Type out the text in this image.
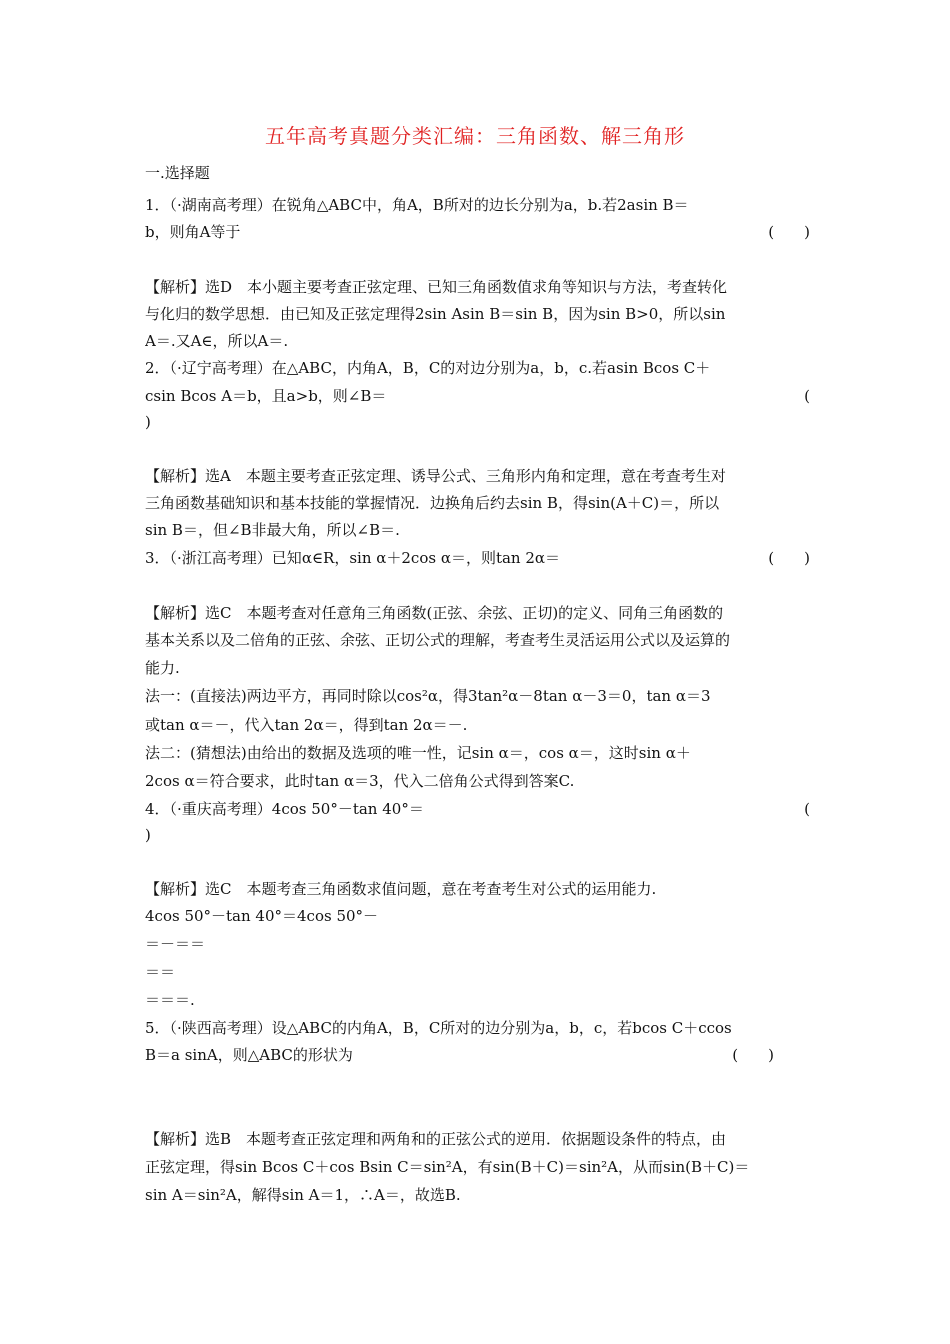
五年高考真题分类汇编：三角函数、解三角形
一.选择题
1．（·湖南高考理）在锐角△ABC中，角A，B所对的边长分别为a，b.若2asin B＝
b，则角A等于	(　　)
【解析】选D　本小题主要考查正弦定理、已知三角函数值求角等知识与方法，考查转化
与化归的数学思想．由已知及正弦定理得2sin Asin B＝sin B，因为sin B>0，所以sin
A＝.又A∈，所以A＝.
2．（·辽宁高考理）在△ABC，内角A，B，C的对边分别为a，b，c.若asin Bcos C＋
csin Bcos A＝b，且a>b，则∠B＝	(
)
【解析】选A　本题主要考查正弦定理、诱导公式、三角形内角和定理，意在考查考生对
三角函数基础知识和基本技能的掌握情况．边换角后约去sin B，得sin(A＋C)＝，所以
sin B＝，但∠B非最大角，所以∠B＝.
3．（·浙江高考理）已知α∈R，sin α＋2cos α＝，则tan 2α＝	(　　)
【解析】选C　本题考查对任意角三角函数(正弦、余弦、正切)的定义、同角三角函数的
基本关系以及二倍角的正弦、余弦、正切公式的理解，考查考生灵活运用公式以及运算的
能力.
法一：(直接法)两边平方，再同时除以cos²α，得3tan²α－8tan α－3＝0，tan α＝3
或tan α＝－，代入tan 2α＝，得到tan 2α＝－.
法二：(猜想法)由给出的数据及选项的唯一性，记sin α＝，cos α＝，这时sin α＋
2cos α＝符合要求，此时tan α＝3，代入二倍角公式得到答案C.
4．（·重庆高考理）4cos 50°－tan 40°＝	(
)
【解析】选C　本题考查三角函数求值问题，意在考查考生对公式的运用能力.
4cos 50°－tan 40°＝4cos 50°－
＝－＝＝
＝＝
＝＝＝.
5．（·陕西高考理）设△ABC的内角A，B，C所对的边分别为a，b，c，若bcos C＋ccos
B＝a sinA，则△ABC的形状为	(　　)
【解析】选B　本题考查正弦定理和两角和的正弦公式的逆用．依据题设条件的特点，由
正弦定理，得sin Bcos C＋cos Bsin C＝sin²A，有sin(B＋C)＝sin²A，从而sin(B＋C)＝
sin A＝sin²A，解得sin A＝1，∴A＝，故选B.
